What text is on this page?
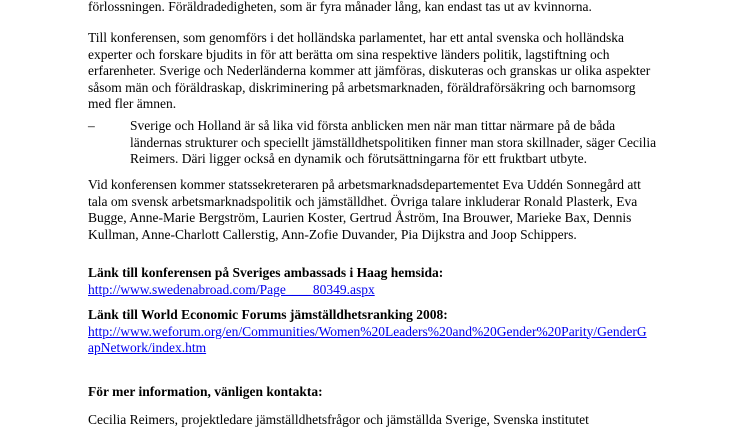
förlossningen. Föräldradedigheten, som är fyra månader lång, kan endast tas ut av kvinnorna.

Till konferensen, som genomförs i det holländska parlamentet, har ett antal svenska och holländska
experter och forskare bjudits in för att berätta om sina respektive länders politik, lagstiftning och
erfarenheter. Sverige och Nederländerna kommer att jämföras, diskuteras och granskas ur olika aspekter
såsom män och föräldraskap, diskriminering på arbetsmarknaden, föräldraförsäkring och barnomsorg
med fler ämnen.

–	Sverige och Holland är så lika vid första anblicken men när man tittar närmare på de båda
ländernas strukturer och speciellt jämställdhetspolitiken finner man stora skillnader, säger Cecilia
Reimers. Däri ligger också en dynamik och förutsättningarna för ett fruktbart utbyte.

Vid konferensen kommer statssekreteraren på arbetsmarknadsdepartementet Eva Uddén Sonnegård att
tala om svensk arbetsmarknadspolitik och jämställdhet. Övriga talare inkluderar Ronald Plasterk, Eva
Bugge, Anne-Marie Bergström, Laurien Koster, Gertrud Åström, Ina Brouwer, Marieke Bax, Dennis
Kullman, Anne-Charlott Callerstig, Ann-Zofie Duvander, Pia Dijkstra and Joop Schippers.

Länk till konferensen på Sveriges ambassads i Haag hemsida:
http://www.swedenabroad.com/Page____80349.aspx

Länk till World Economic Forums jämställdhetsranking 2008:
http://www.weforum.org/en/Communities/Women%20Leaders%20and%20Gender%20Parity/GenderG
apNetwork/index.htm

För mer information, vänligen kontakta:

Cecilia Reimers, projektledare jämställdhetsfrågor och jämställda Sverige, Svenska institutet
